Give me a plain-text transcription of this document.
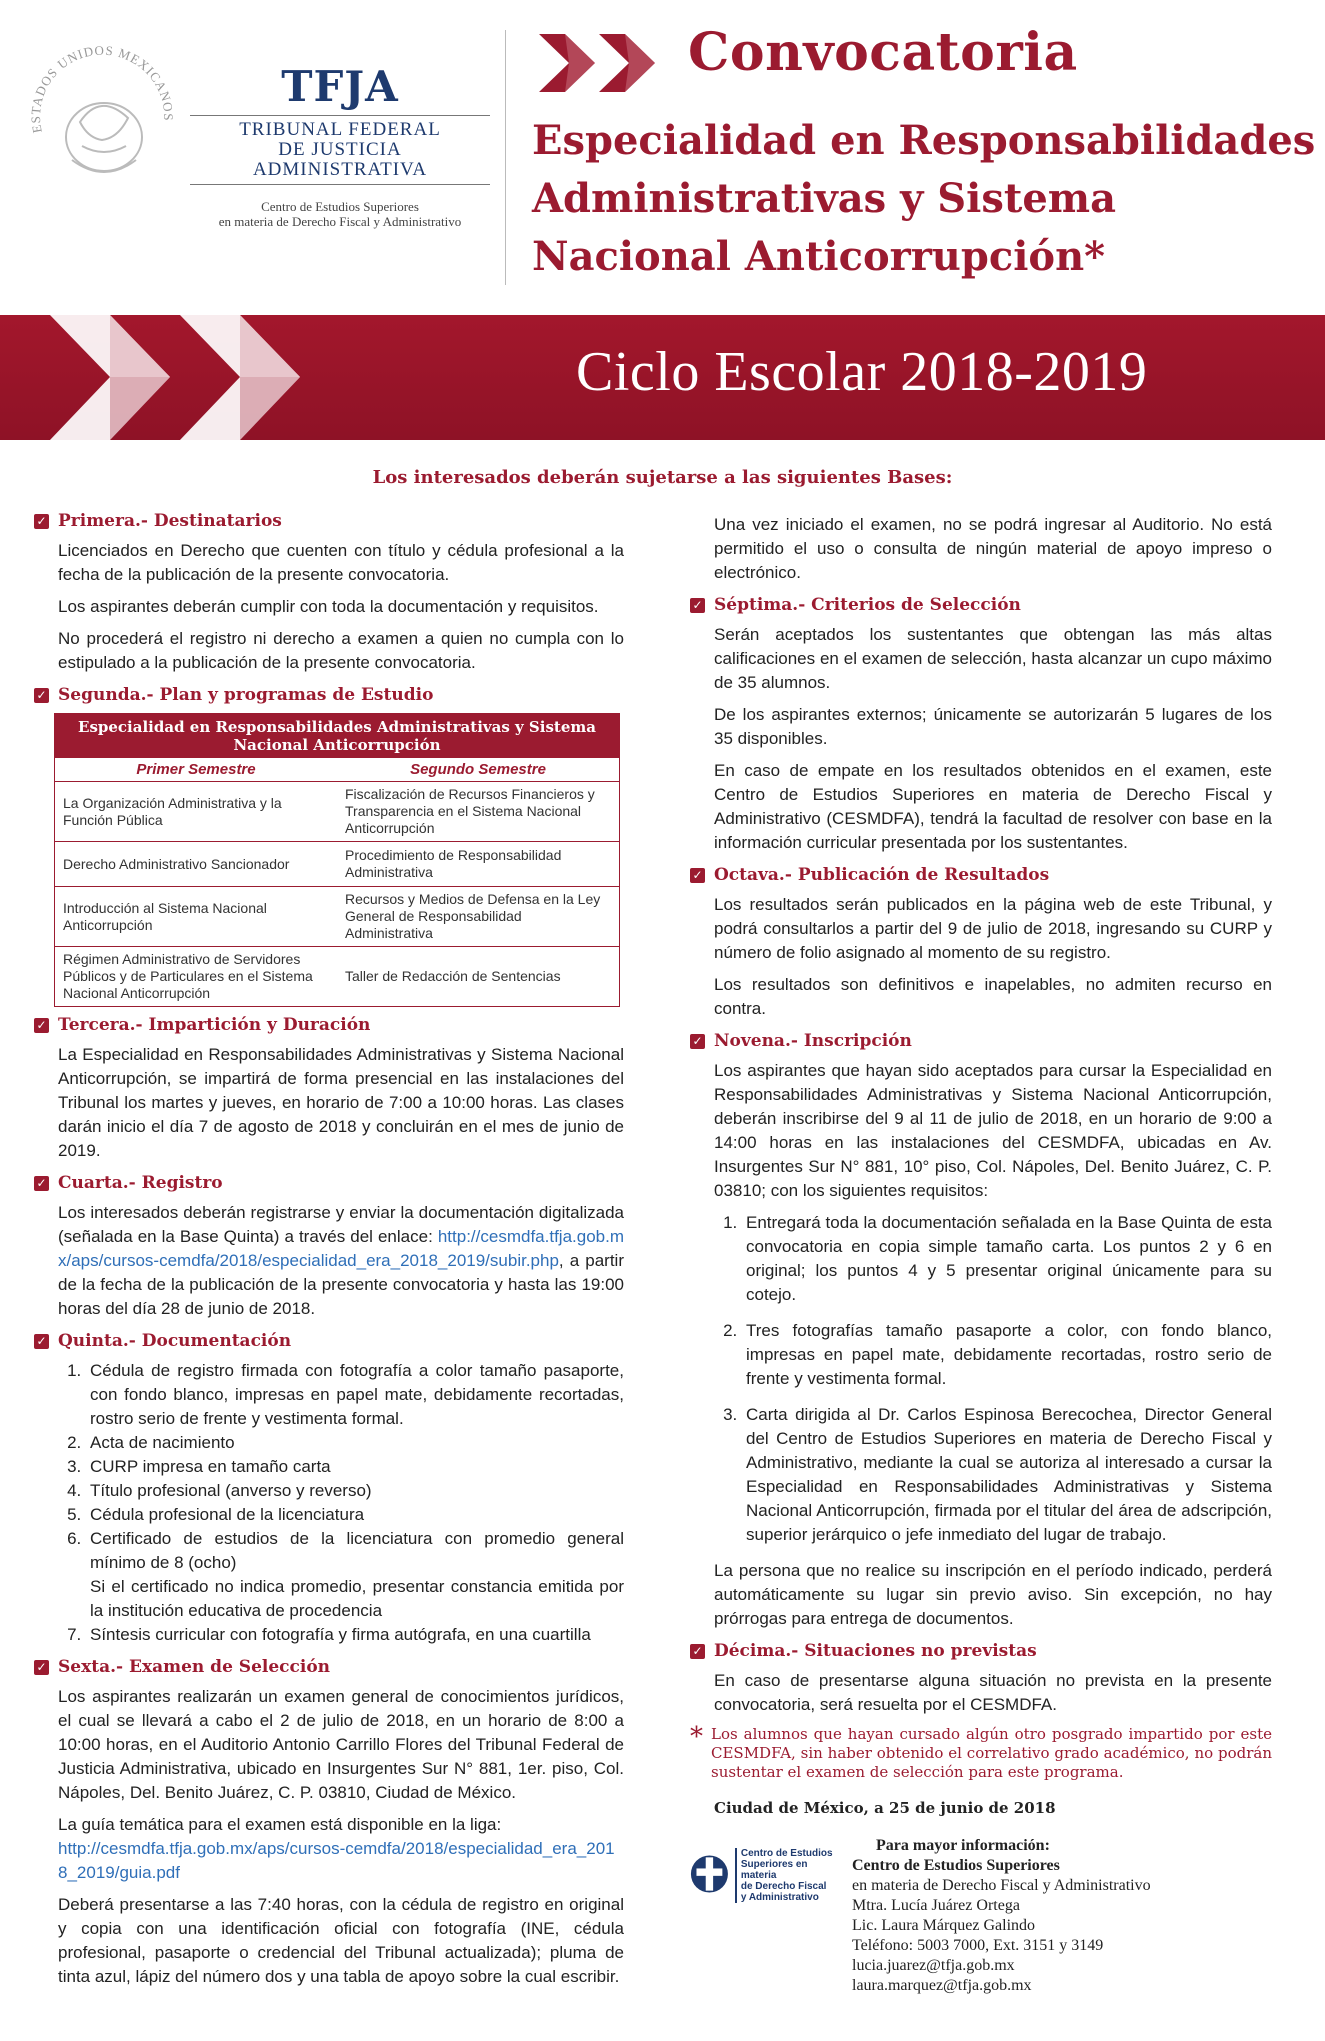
ESTADOS UNIDOS MEXICANOS
TFJA
TRIBUNAL FEDERAL
DE JUSTICIA ADMINISTRATIVA
Centro de Estudios Superiores
en materia de Derecho Fiscal y Administrativo
Convocatoria
Especialidad en Responsabilidades Administrativas y Sistema Nacional Anticorrupción*
Ciclo Escolar 2018-2019
Los interesados deberán sujetarse a las siguientes Bases:
✓ Primera.- Destinatarios

Licenciados en Derecho que cuenten con título y cédula profesional a la fecha de la publicación de la presente convocatoria.

Los aspirantes deberán cumplir con toda la documentación y requisitos.

No procederá el registro ni derecho a examen a quien no cumpla con lo estipulado a la publicación de la presente convocatoria.

✓ Segunda.- Plan y programas de Estudio
Especialidad en Responsabilidades Administrativas y Sistema Nacional Anticorrupción	
Primer Semestre	Segundo Semestre
La Organización Administrativa y la Función Pública	Fiscalización de Recursos Financieros y Transparencia en el Sistema Nacional Anticorrupción
Derecho Administrativo Sancionador	Procedimiento de Responsabilidad Administrativa
Introducción al Sistema Nacional Anticorrupción	Recursos y Medios de Defensa en la Ley General de Responsabilidad Administrativa
Régimen Administrativo de Servidores Públicos y de Particulares en el Sistema Nacional Anticorrupción	Taller de Redacción de Sentencias
✓ Tercera.- Impartición y Duración

La Especialidad en Responsabilidades Administrativas y Sistema Nacional Anticorrupción, se impartirá de forma presencial en las instalaciones del Tribunal los martes y jueves, en horario de 7:00 a 10:00 horas. Las clases darán inicio el día 7 de agosto de 2018 y concluirán en el mes de junio de 2019.

✓ Cuarta.- Registro

Los interesados deberán registrarse y enviar la documentación digitalizada (señalada en la Base Quinta) a través del enlace: http://cesmdfa.tfja.gob.mx/aps/cursos-cemdfa/2018/especialidad_era_2018_2019/subir.php, a partir de la fecha de la publicación de la presente convocatoria y hasta las 19:00 horas del día 28 de junio de 2018.

✓ Quinta.- Documentación
1. Cédula de registro firmada con fotografía a color tamaño pasaporte, con fondo blanco, impresas en papel mate, debidamente recortadas, rostro serio de frente y vestimenta formal.
2. Acta de nacimiento
3. CURP impresa en tamaño carta
4. Título profesional (anverso y reverso)
5. Cédula profesional de la licenciatura
6. Certificado de estudios de la licenciatura con promedio general mínimo de 8 (ocho)
Si el certificado no indica promedio, presentar constancia emitida por la institución educativa de procedencia
7. Síntesis curricular con fotografía y firma autógrafa, en una cuartilla
✓ Sexta.- Examen de Selección

Los aspirantes realizarán un examen general de conocimientos jurídicos, el cual se llevará a cabo el 2 de julio de 2018, en un horario de 8:00 a 10:00 horas, en el Auditorio Antonio Carrillo Flores del Tribunal Federal de Justicia Administrativa, ubicado en Insurgentes Sur N° 881, 1er. piso, Col. Nápoles, Del. Benito Juárez, C. P. 03810, Ciudad de México.

La guía temática para el examen está disponible en la liga:

http://cesmdfa.tfja.gob.mx/aps/cursos-cemdfa/2018/especialidad_era_2018_2019/guia.pdf

Deberá presentarse a las 7:40 horas, con la cédula de registro en original y copia con una identificación oficial con fotografía (INE, cédula profesional, pasaporte o credencial del Tribunal actualizada); pluma de tinta azul, lápiz del número dos y una tabla de apoyo sobre la cual escribir.

Una vez iniciado el examen, no se podrá ingresar al Auditorio. No está permitido el uso o consulta de ningún material de apoyo impreso o electrónico.

✓ Séptima.- Criterios de Selección

Serán aceptados los sustentantes que obtengan las más altas calificaciones en el examen de selección, hasta alcanzar un cupo máximo de 35 alumnos.

De los aspirantes externos; únicamente se autorizarán 5 lugares de los 35 disponibles.

En caso de empate en los resultados obtenidos en el examen, este Centro de Estudios Superiores en materia de Derecho Fiscal y Administrativo (CESMDFA), tendrá la facultad de resolver con base en la información curricular presentada por los sustentantes.

✓ Octava.- Publicación de Resultados

Los resultados serán publicados en la página web de este Tribunal, y podrá consultarlos a partir del 9 de julio de 2018, ingresando su CURP y número de folio asignado al momento de su registro.

Los resultados son definitivos e inapelables, no admiten recurso en contra.

✓ Novena.- Inscripción

Los aspirantes que hayan sido aceptados para cursar la Especialidad en Responsabilidades Administrativas y Sistema Nacional Anticorrupción, deberán inscribirse del 9 al 11 de julio de 2018, en un horario de 9:00 a 14:00 horas en las instalaciones del CESMDFA, ubicadas en Av. Insurgentes Sur N° 881, 10° piso, Col. Nápoles, Del. Benito Juárez, C. P. 03810; con los siguientes requisitos:

1. Entregará toda la documentación señalada en la Base Quinta de esta convocatoria en copia simple tamaño carta. Los puntos 2 y 6 en original; los puntos 4 y 5 presentar original únicamente para su cotejo.
2. Tres fotografías tamaño pasaporte a color, con fondo blanco, impresas en papel mate, debidamente recortadas, rostro serio de frente y vestimenta formal.
3. Carta dirigida al Dr. Carlos Espinosa Berecochea, Director General del Centro de Estudios Superiores en materia de Derecho Fiscal y Administrativo, mediante la cual se autoriza al interesado a cursar la Especialidad en Responsabilidades Administrativas y Sistema Nacional Anticorrupción, firmada por el titular del área de adscripción, superior jerárquico o jefe inmediato del lugar de trabajo.

La persona que no realice su inscripción en el período indicado, perderá automáticamente su lugar sin previo aviso. Sin excepción, no hay prórrogas para entrega de documentos.

✓ Décima.- Situaciones no previstas

En caso de presentarse alguna situación no prevista en la presente convocatoria, será resuelta por el CESMDFA.

* Los alumnos que hayan cursado algún otro posgrado impartido por este CESMDFA, sin haber obtenido el correlativo grado académico, no podrán sustentar el examen de selección para este programa.
Ciudad de México, a 25 de junio de 2018
Centro de Estudios
Superiores en materia
de Derecho Fiscal
y Administrativo
Para mayor información:
Centro de Estudios Superiores
en materia de Derecho Fiscal y Administrativo
Mtra. Lucía Juárez Ortega
Lic. Laura Márquez Galindo
Teléfono: 5003 7000, Ext. 3151 y 3149
lucia.juarez@tfja.gob.mx
laura.marquez@tfja.gob.mx
